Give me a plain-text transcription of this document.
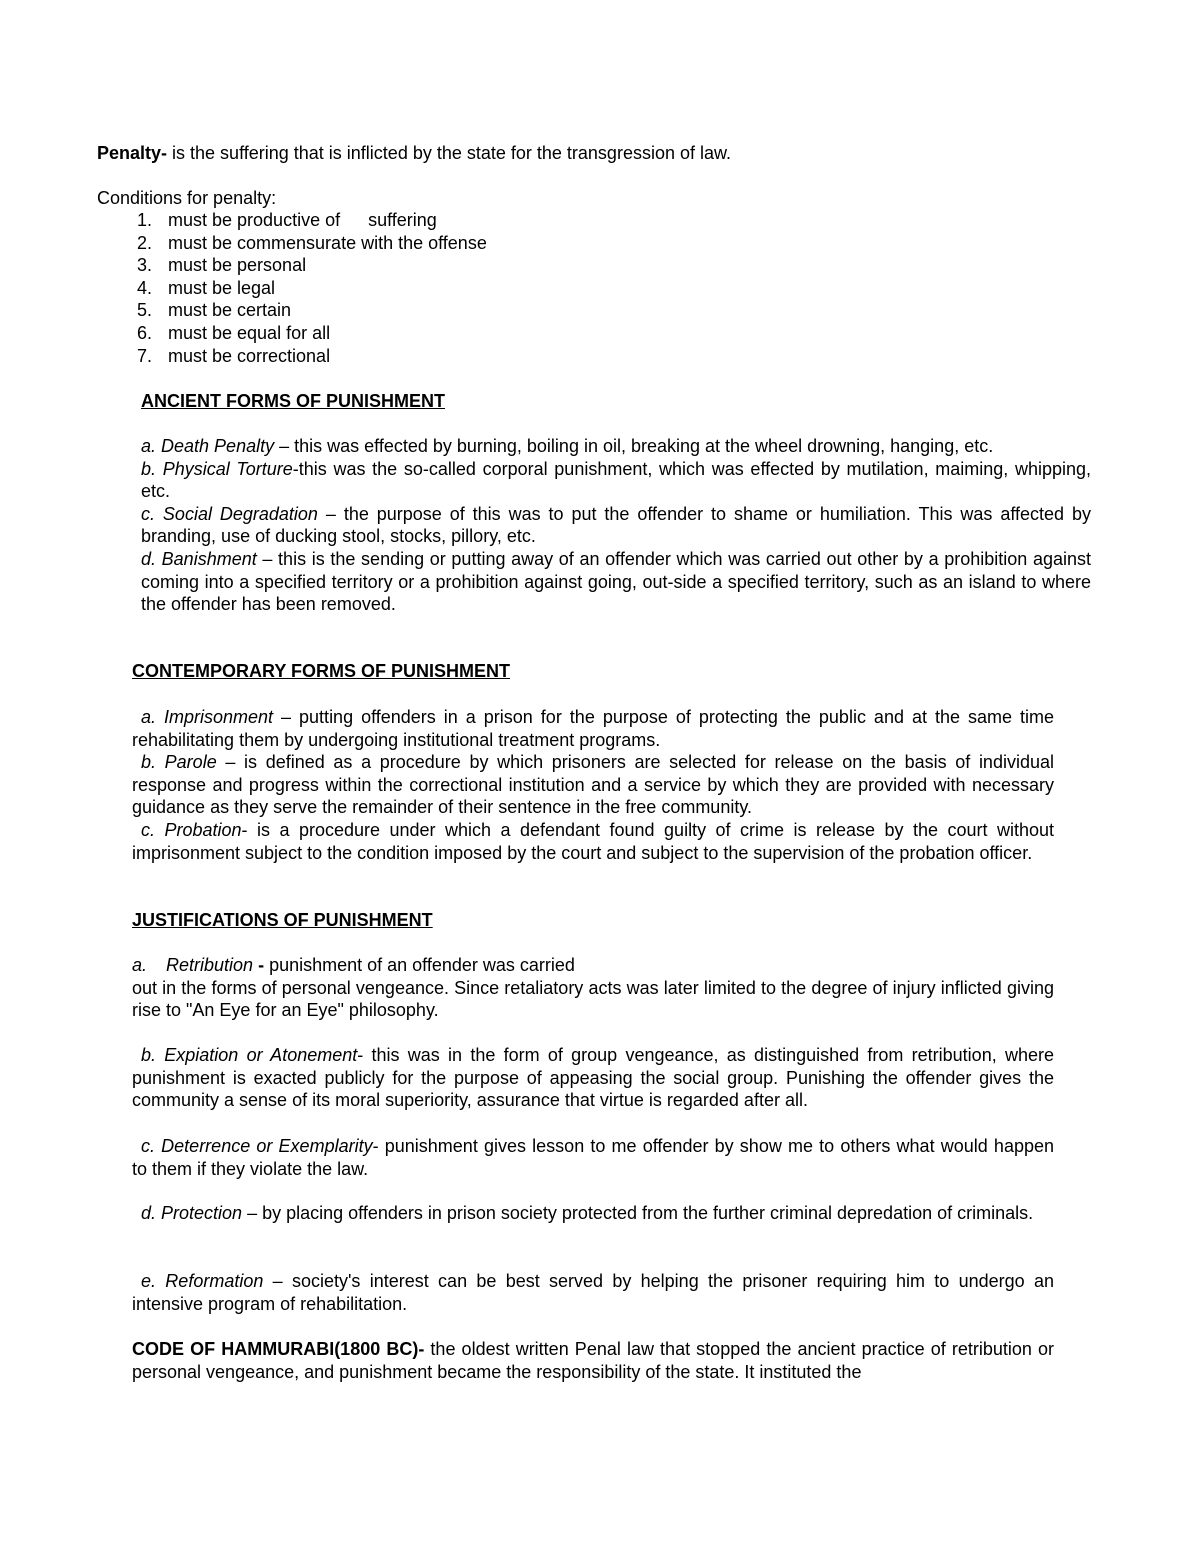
Penalty- is the suffering that is inflicted by the state for the transgression of law.

Conditions for penalty:

1. must be productive of suffering
2. must be commensurate with the offense
3. must be personal
4. must be legal
5. must be certain
6. must be equal for all
7. must be correctional

ANCIENT FORMS OF PUNISHMENT

a. Death Penalty – this was effected by burning, boiling in oil, breaking at the wheel drowning, hanging, etc.

b. Physical Torture-this was the so-called corporal punishment, which was effected by mutilation, maiming, whipping, etc.

c. Social Degradation – the purpose of this was to put the offender to shame or humiliation. This was affected by branding, use of ducking stool, stocks, pillory, etc.

d. Banishment – this is the sending or putting away of an offender which was carried out other by a prohibition against coming into a specified territory or a prohibition against going, out-side a specified territory, such as an island to where the offender has been removed.

CONTEMPORARY FORMS OF PUNISHMENT

a. Imprisonment – putting offenders in a prison for the purpose of protecting the public and at the same time rehabilitating them by undergoing institutional treatment programs.

b. Parole – is defined as a procedure by which prisoners are selected for release on the basis of individual response and progress within the correctional institution and a service by which they are provided with necessary guidance as they serve the remainder of their sentence in the free community.

c. Probation- is a procedure under which a defendant found guilty of crime is release by the court without imprisonment subject to the condition imposed by the court and subject to the supervision of the probation officer.

JUSTIFICATIONS OF PUNISHMENT

a. Retribution - punishment of an offender was carried

out in the forms of personal vengeance. Since retaliatory acts was later limited to the degree of injury inflicted giving rise to "An Eye for an Eye" philosophy.

b. Expiation or Atonement- this was in the form of group vengeance, as distinguished from retribution, where punishment is exacted publicly for the purpose of appeasing the social group. Punishing the offender gives the community a sense of its moral superiority, assurance that virtue is regarded after all.

c. Deterrence or Exemplarity- punishment gives lesson to me offender by show me to others what would happen to them if they violate the law.

d. Protection – by placing offenders in prison society protected from the further criminal depredation of criminals.

e. Reformation – society's interest can be best served by helping the prisoner requiring him to undergo an intensive program of rehabilitation.

CODE OF HAMMURABI(1800 BC)- the oldest written Penal law that stopped the ancient practice of retribution or personal vengeance, and punishment became the responsibility of the state. It instituted the
